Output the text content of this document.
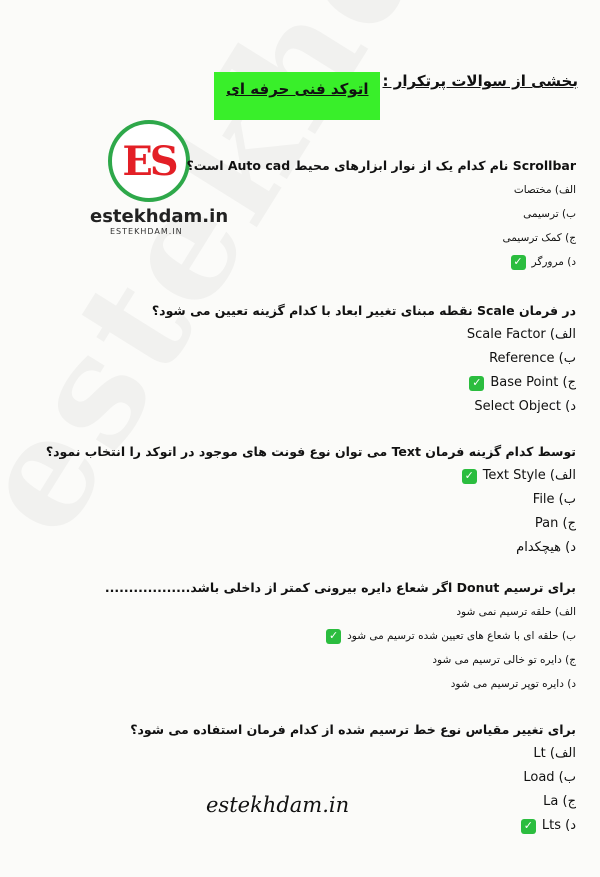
بخشی از سوالات پرتکرار :
اتوکد فنی حرفه ای
ES
estekhdam.in
ESTEKHDAM.IN
Scrollbar نام کدام یک از نوار ابزارهای محیط Auto cad است؟
الف) مختصات
ب) ترسیمی
ج) کمک ترسیمی
د) مرورگر
✓
در فرمان Scale نقطه مبنای تغییر ابعاد با کدام گزینه تعیین می شود؟
الف) Scale Factor
ب) Reference
ج) Base Point
✓
د) Select Object
توسط کدام گزینه فرمان Text می توان نوع فونت های موجود در اتوکد را انتخاب نمود؟
الف) Text Style
✓
ب) File
ج) Pan
د) هیچکدام
برای ترسیم Donut اگر شعاع دایره بیرونی کمتر از داخلی باشد..................
الف) حلقه ترسیم نمی شود
ب) حلقه ای با شعاع های تعیین شده ترسیم می شود
✓
ج) دایره تو خالی ترسیم می شود
د) دایره توپر ترسیم می شود
برای تغییر مقیاس نوع خط ترسیم شده از کدام فرمان استفاده می شود؟
الف) Lt
ب) Load
ج) La
د) Lts
✓
estekhdam.in
